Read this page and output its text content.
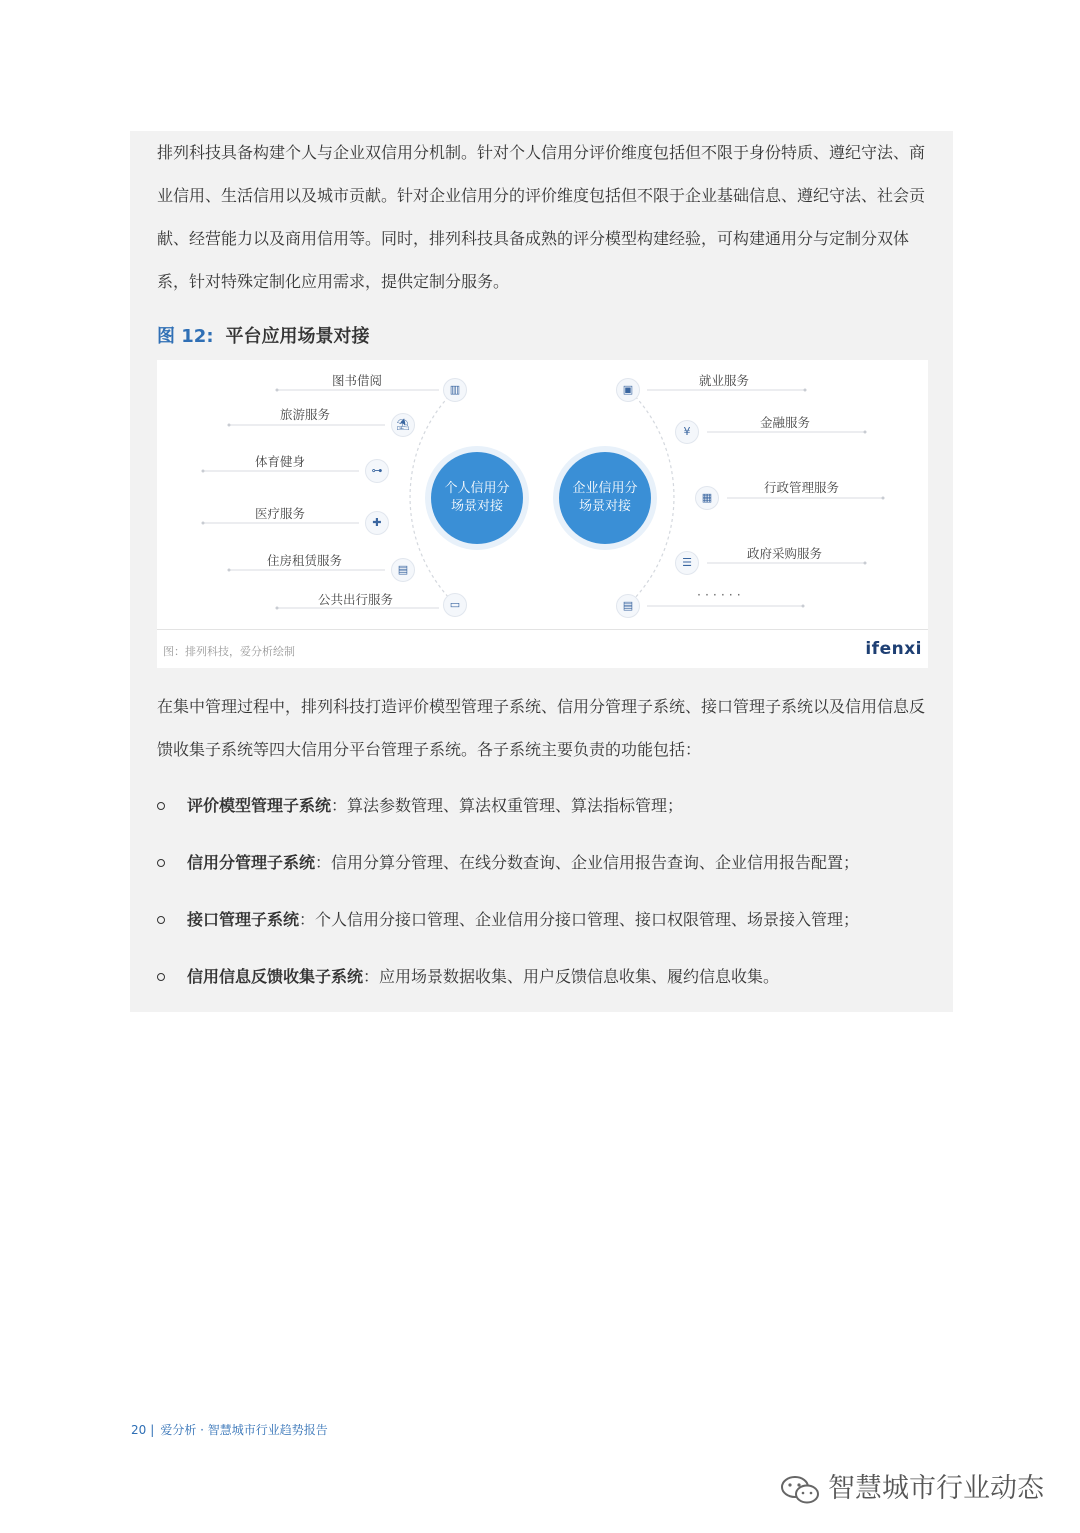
排列科技具备构建个人与企业双信用分机制。针对个人信用分评价维度包括但不限于身份特质、遵纪守法、商业信用、生活信用以及城市贡献。针对企业信用分的评价维度包括但不限于企业基础信息、遵纪守法、社会贡献、经营能力以及商用信用等。同时，排列科技具备成熟的评分模型构建经验，可构建通用分与定制分双体系，针对特殊定制化应用需求，提供定制分服务。
图 12: 平台应用场景对接
个人信用分
场景对接
企业信用分
场景对接
▥
⛱
⊶
✚
▤
▭
▣
¥
▦
☰
▤
图书借阅
旅游服务
体育健身
医疗服务
住房租赁服务
公共出行服务
就业服务
金融服务
行政管理服务
政府采购服务
· · · · · ·
图：排列科技，爱分析绘制	ifenxi
在集中管理过程中，排列科技打造评价模型管理子系统、信用分管理子系统、接口管理子系统以及信用信息反馈收集子系统等四大信用分平台管理子系统。各子系统主要负责的功能包括：
评价模型管理子系统：算法参数管理、算法权重管理、算法指标管理；
信用分管理子系统：信用分算分管理、在线分数查询、企业信用报告查询、企业信用报告配置；
接口管理子系统：个人信用分接口管理、企业信用分接口管理、接口权限管理、场景接入管理；
信用信息反馈收集子系统：应用场景数据收集、用户反馈信息收集、履约信息收集。
20 | 爱分析 · 智慧城市行业趋势报告
智慧城市行业动态
